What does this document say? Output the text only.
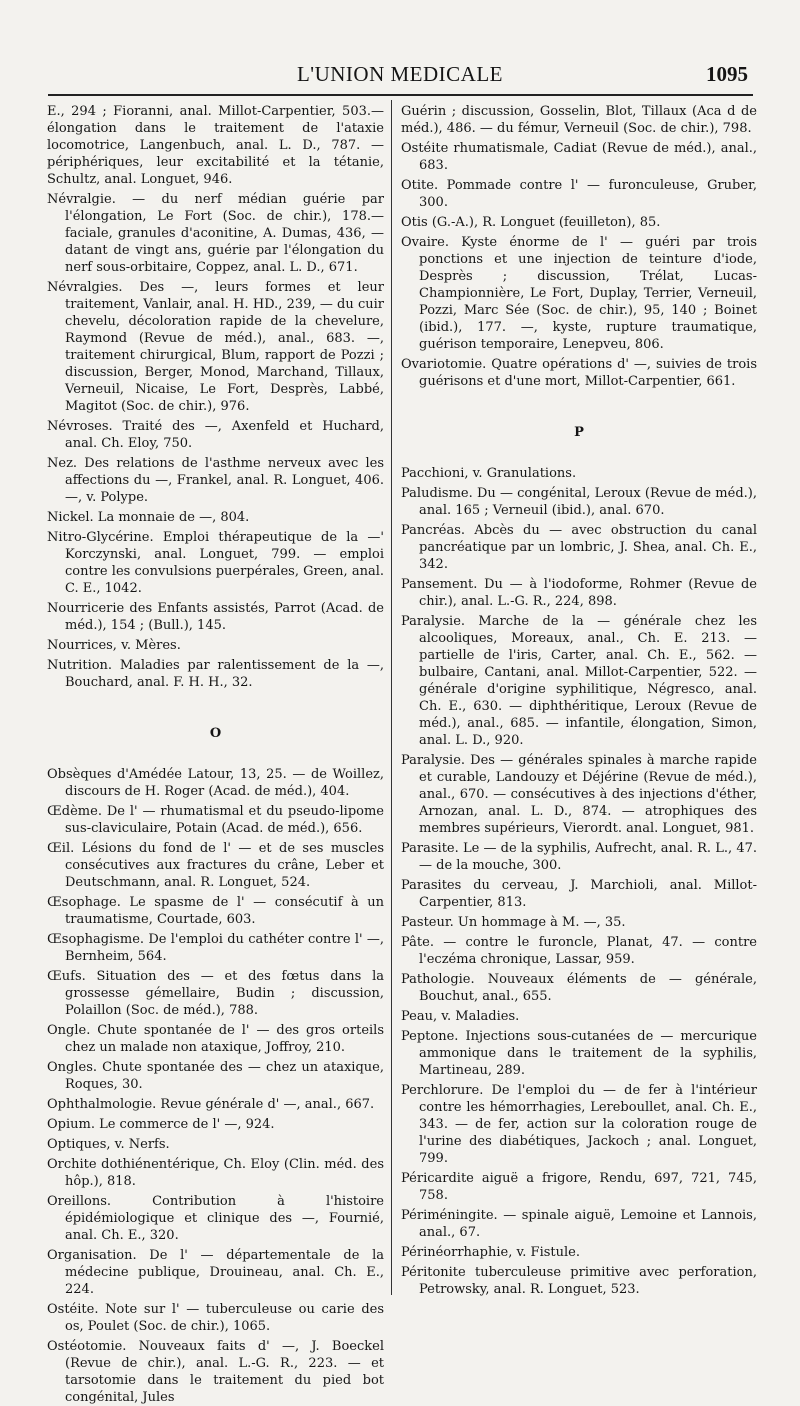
L'UNION MEDICALE	1095

E., 294 ; Fioranni, anal. Millot-Carpentier, 503.— élongation dans le traitement de l'ataxie locomotrice, Langenbuch, anal. L. D., 787. — périphériques, leur excitabilité et la tétanie, Schultz, anal. Longuet, 946.

Névralgie. — du nerf médian guérie par l'élongation, Le Fort (Soc. de chir.), 178.— faciale, granules d'aconitine, A. Dumas, 436, — datant de vingt ans, guérie par l'élongation du nerf sous-orbitaire, Coppez, anal. L. D., 671.

Névralgies. Des —, leurs formes et leur traitement, Vanlair, anal. H. HD., 239, — du cuir chevelu, décoloration rapide de la chevelure, Raymond (Revue de méd.), anal., 683. —, traitement chirurgical, Blum, rapport de Pozzi ; discussion, Berger, Monod, Marchand, Tillaux, Verneuil, Nicaise, Le Fort, Desprès, Labbé, Magitot (Soc. de chir.), 976.

Névroses. Traité des —, Axenfeld et Huchard, anal. Ch. Eloy, 750.

Nez. Des relations de l'asthme nerveux avec les affections du —, Frankel, anal. R. Longuet, 406. —, v. Polype.

Nickel. La monnaie de —, 804.

Nitro-Glycérine. Emploi thérapeutique de la —' Korczynski, anal. Longuet, 799. — emploi contre les convulsions puerpérales, Green, anal. C. E., 1042.

Nourricerie des Enfants assistés, Parrot (Acad. de méd.), 154 ; (Bull.), 145.

Nourrices, v. Mères.

Nutrition. Maladies par ralentissement de la —, Bouchard, anal. F. H. H., 32.

O

Obsèques d'Amédée Latour, 13, 25. — de Woillez, discours de H. Roger (Acad. de méd.), 404.

Œdème. De l' — rhumatismal et du pseudo-lipome sus-claviculaire, Potain (Acad. de méd.), 656.

Œil. Lésions du fond de l' — et de ses muscles consécutives aux fractures du crâne, Leber et Deutschmann, anal. R. Longuet, 524.

Œsophage. Le spasme de l' — consécutif à un traumatisme, Courtade, 603.

Œsophagisme. De l'emploi du cathéter contre l' —, Bernheim, 564.

Œufs. Situation des — et des fœtus dans la grossesse gémellaire, Budin ; discussion, Polaillon (Soc. de méd.), 788.

Ongle. Chute spontanée de l' — des gros orteils chez un malade non ataxique, Joffroy, 210.

Ongles. Chute spontanée des — chez un ataxique, Roques, 30.

Ophthalmologie. Revue générale d' —, anal., 667.

Opium. Le commerce de l' —, 924.

Optiques, v. Nerfs.

Orchite dothiénentérique, Ch. Eloy (Clin. méd. des hôp.), 818.

Oreillons. Contribution à l'histoire épidémiologique et clinique des —, Fournié, anal. Ch. E., 320.

Organisation. De l' — départementale de la médecine publique, Drouineau, anal. Ch. E., 224.

Ostéite. Note sur l' — tuberculeuse ou carie des os, Poulet (Soc. de chir.), 1065.

Ostéotomie. Nouveaux faits d' —, J. Boeckel (Revue de chir.), anal. L.-G. R., 223. — et tarsotomie dans le traitement du pied bot congénital, Jules

Guérin ; discussion, Gosselin, Blot, Tillaux (Aca d de méd.), 486. — du fémur, Verneuil (Soc. de chir.), 798.

Ostéite rhumatismale, Cadiat (Revue de méd.), anal., 683.

Otite. Pommade contre l' — furonculeuse, Gruber, 300.

Otis (G.-A.), R. Longuet (feuilleton), 85.

Ovaire. Kyste énorme de l' — guéri par trois ponctions et une injection de teinture d'iode, Desprès ; discussion, Trélat, Lucas-Championnière, Le Fort, Duplay, Terrier, Verneuil, Pozzi, Marc Sée (Soc. de chir.), 95, 140 ; Boinet (ibid.), 177. —, kyste, rupture traumatique, guérison temporaire, Lenepveu, 806.

Ovariotomie. Quatre opérations d' —, suivies de trois guérisons et d'une mort, Millot-Carpentier, 661.

P

Pacchioni, v. Granulations.

Paludisme. Du — congénital, Leroux (Revue de méd.), anal. 165 ; Verneuil (ibid.), anal. 670.

Pancréas. Abcès du — avec obstruction du canal pancréatique par un lombric, J. Shea, anal. Ch. E., 342.

Pansement. Du — à l'iodoforme, Rohmer (Revue de chir.), anal. L.-G. R., 224, 898.

Paralysie. Marche de la — générale chez les alcooliques, Moreaux, anal., Ch. E. 213. — partielle de l'iris, Carter, anal. Ch. E., 562. — bulbaire, Cantani, anal. Millot-Carpentier, 522. — générale d'origine syphilitique, Négresco, anal. Ch. E., 630. — diphthéritique, Leroux (Revue de méd.), anal., 685. — infantile, élongation, Simon, anal. L. D., 920.

Paralysie. Des — générales spinales à marche rapide et curable, Landouzy et Déjérine (Revue de méd.), anal., 670. — consécutives à des injections d'éther, Arnozan, anal. L. D., 874. — atrophiques des membres supérieurs, Vierordt. anal. Longuet, 981.

Parasite. Le — de la syphilis, Aufrecht, anal. R. L., 47. — de la mouche, 300.

Parasites du cerveau, J. Marchioli, anal. Millot-Carpentier, 813.

Pasteur. Un hommage à M. —, 35.

Pâte. — contre le furoncle, Planat, 47. — contre l'eczéma chronique, Lassar, 959.

Pathologie. Nouveaux éléments de — générale, Bouchut, anal., 655.

Peau, v. Maladies.

Peptone. Injections sous-cutanées de — mercurique ammonique dans le traitement de la syphilis, Martineau, 289.

Perchlorure. De l'emploi du — de fer à l'intérieur contre les hémorrhagies, Lereboullet, anal. Ch. E., 343. — de fer, action sur la coloration rouge de l'urine des diabétiques, Jackoch ; anal. Longuet, 799.

Péricardite aiguë a frigore, Rendu, 697, 721, 745, 758.

Périméningite. — spinale aiguë, Lemoine et Lannois, anal., 67.

Périnéorrhaphie, v. Fistule.

Péritonite tuberculeuse primitive avec perforation, Petrowsky, anal. R. Longuet, 523.
